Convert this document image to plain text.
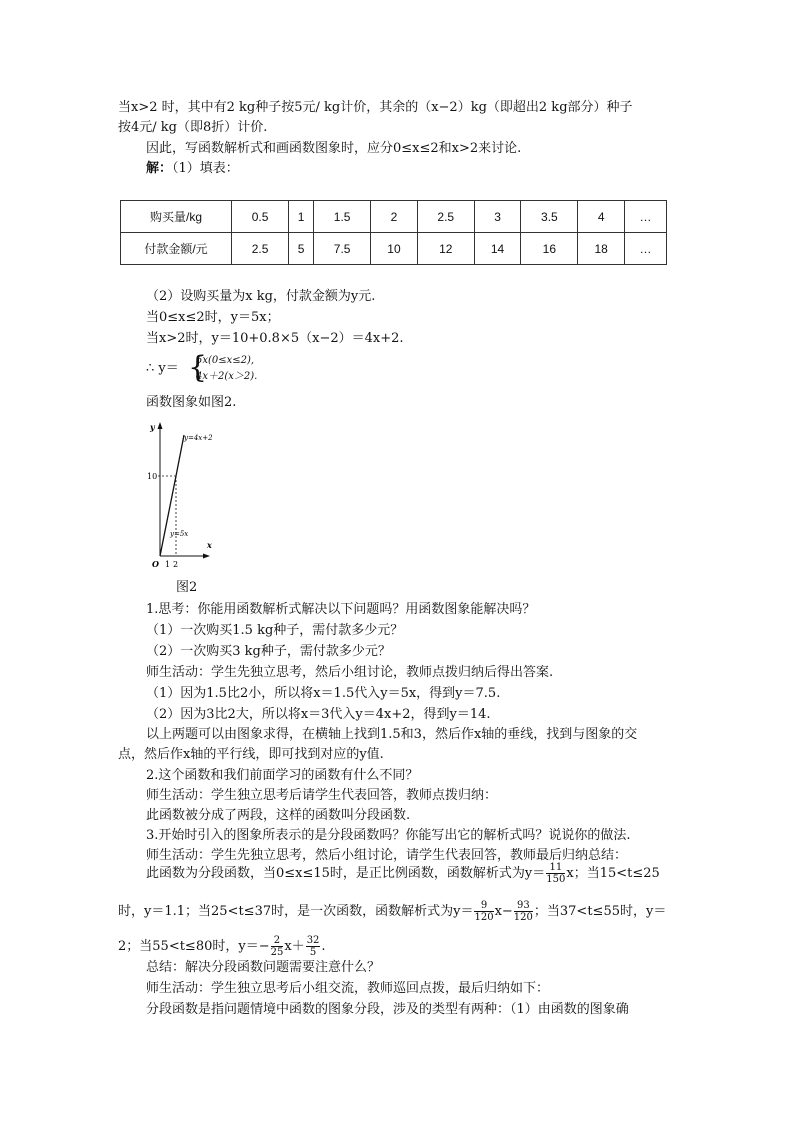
当x>2 时，其中有2 kg种子按5元/ kg计价，其余的（x−2）kg（即超出2 kg部分）种子
按4元/ kg（即8折）计价.
因此，写函数解析式和画函数图象时，应分0≤x≤2和x>2来讨论.
解：（1）填表：
购买量/kg	0.5	1	1.5	2	2.5	3	3.5	4	…
付款金额/元	2.5	5	7.5	10	12	14	16	18	…
（2）设购买量为x kg，付款金额为y元.
当0≤x≤2时，y＝5x；
当x>2时，y＝10+0.8×5（x−2）＝4x+2.
∴ y＝ {
5x(0≤x≤2),
4x＋2(x＞2).
函数图象如图2.
y
x
O 1 2
10
y=4x+2
y=5x
图2
1.思考：你能用函数解析式解决以下问题吗？用函数图象能解决吗？
（1）一次购买1.5 kg种子，需付款多少元？
（2）一次购买3 kg种子，需付款多少元？
师生活动：学生先独立思考，然后小组讨论，教师点拨归纳后得出答案.
（1）因为1.5比2小，所以将x＝1.5代入y＝5x，得到y＝7.5.
（2）因为3比2大，所以将x＝3代入y＝4x+2，得到y＝14.
以上两题可以由图象求得，在横轴上找到1.5和3，然后作x轴的垂线，找到与图象的交
点，然后作x轴的平行线，即可找到对应的y值.
2.这个函数和我们前面学习的函数有什么不同？
师生活动：学生独立思考后请学生代表回答，教师点拨归纳：
此函数被分成了两段，这样的函数叫分段函数.
3.开始时引入的图象所表示的是分段函数吗？你能写出它的解析式吗？说说你的做法.
师生活动：学生先独立思考，然后小组讨论，请学生代表回答，教师最后归纳总结：
此函数为分段函数，当0≤x≤15时，是正比例函数，函数解析式为$y= \frac{11}{150}$ x；当15<t≤25
时，y＝1.1；当25<t≤37时，是一次函数，函数解析式为$y= \frac{9}{120} x- \frac{93}{120}$ ；当37<t≤55时，y＝
2；当55<t≤80时，$y=- \frac{2}{25} x+ \frac{32}{5}$ .
总结：解决分段函数问题需要注意什么？
师生活动：学生独立思考后小组交流，教师巡回点拨，最后归纳如下：
分段函数是指问题情境中函数的图象分段，涉及的类型有两种：（1）由函数的图象确
